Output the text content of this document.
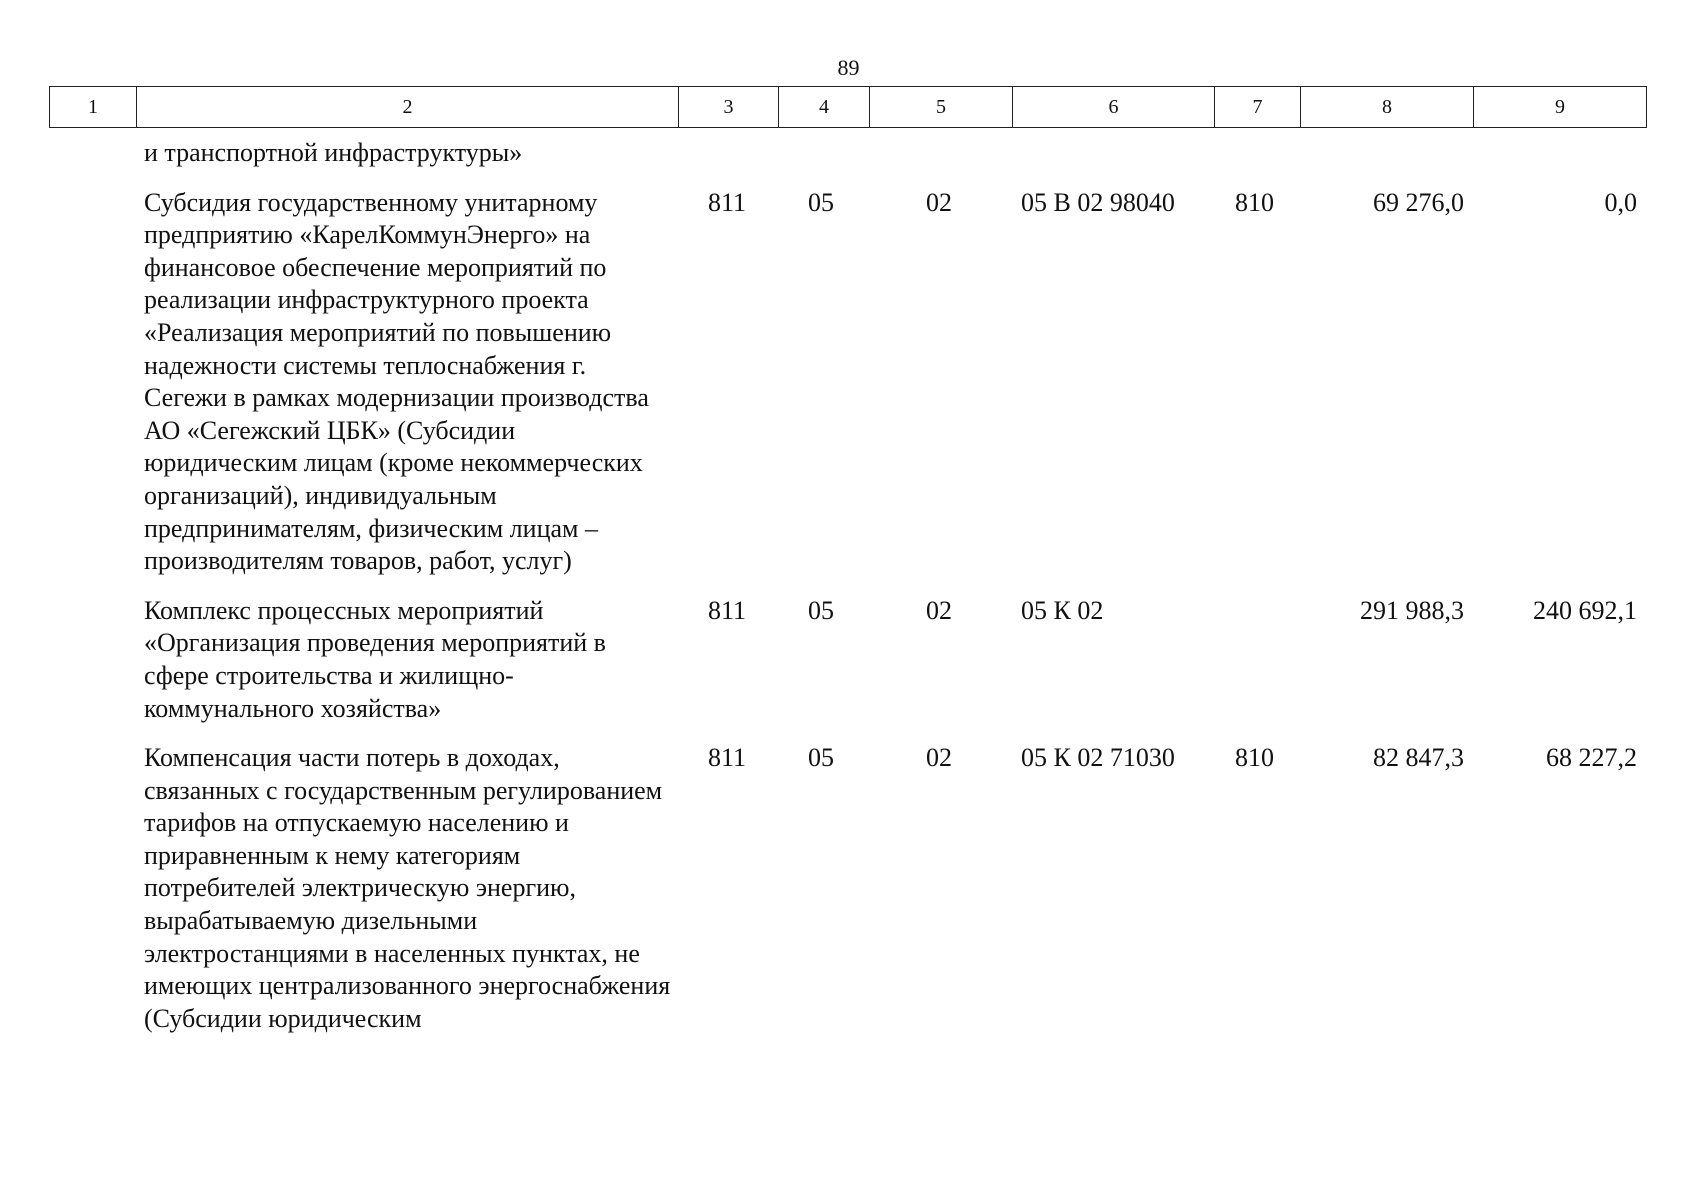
89
1	2	3	4	5	6	7	8	9
и транспортной инфраструктуры»							
Субсидия государственному унитарному предприятию «КарелКоммунЭнерго» на финансовое обеспечение мероприятий по реализации инфраструктурного проекта «Реализация мероприятий по повышению надежности системы теплоснабжения г. Сегежи в рамках модернизации производства АО «Сегежский ЦБК» (Субсидии юридическим лицам (кроме некоммерческих организаций), индивидуальным предпринимателям, физическим лицам – производителям товаров, работ, услуг)	811	05	02	05 В 02 98040	810	69 276,0	0,0
Комплекс процессных мероприятий «Организация проведения мероприятий в сфере строительства и жилищно-коммунального хозяйства»	811	05	02	05 К 02		291 988,3	240 692,1
Компенсация части потерь в доходах, связанных с государственным регулированием тарифов на отпускаемую населению и приравненным к нему категориям потребителей электрическую энергию, вырабатываемую дизельными электростанциями в населенных пунктах, не имеющих централизованного энергоснабжения (Субсидии юридическим	811	05	02	05 К 02 71030	810	82 847,3	68 227,2
